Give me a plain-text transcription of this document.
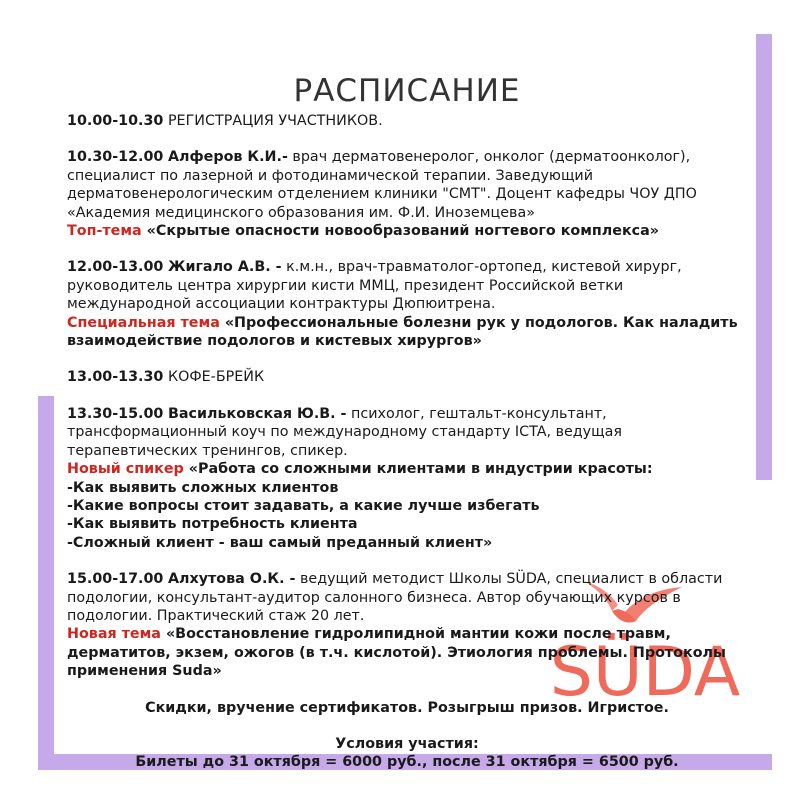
SÜDA
РАСПИСАНИЕ
10.00-10.30 РЕГИСТРАЦИЯ УЧАСТНИКОВ.
10.30-12.00 Алферов К.И.- врач дерматовенеролог, онколог (дерматоонколог), специалист по лазерной и фотодинамической терапии. Заведующий дерматовенерологическим отделением клиники "СМТ". Доцент кафедры ЧОУ ДПО «Академия медицинского образования им. Ф.И. Иноземцева»
Топ-тема «Скрытые опасности новообразований ногтевого комплекса»
12.00-13.00 Жигало А.В. - к.м.н., врач-травматолог-ортопед, кистевой хирург, руководитель центра хирургии кисти ММЦ, президент Российской ветки международной ассоциации контрактуры Дюпюитрена.
Специальная тема «Профессиональные болезни рук у подологов. Как наладить взаимодействие подологов и кистевых хирургов»
13.00-13.30 КОФЕ-БРЕЙК
13.30-15.00 Васильковская Ю.В. - психолог, гештальт-консультант, трансформационный коуч по международному стандарту ICTA, ведущая терапевтических тренингов, спикер.
Новый спикер «Работа со сложными клиентами в индустрии красоты:
-Как выявить сложных клиентов
-Какие вопросы стоит задавать, а какие лучше избегать
-Как выявить потребность клиента
-Сложный клиент - ваш самый преданный клиент»
15.00-17.00 Алхутова О.К. - ведущий методист Школы SÜDA, специалист в области подологии, консультант-аудитор салонного бизнеса. Автор обучающих курсов в подологии. Практический стаж 20 лет.
Новая тема «Восстановление гидролипидной мантии кожи после травм, дерматитов, экзем, ожогов (в т.ч. кислотой). Этиология проблемы. Протоколы применения Suda»
Скидки, вручение сертификатов. Розыгрыш призов. Игристое.
Условия участия:
Билеты до 31 октября = 6000 руб., после 31 октября = 6500 руб.
